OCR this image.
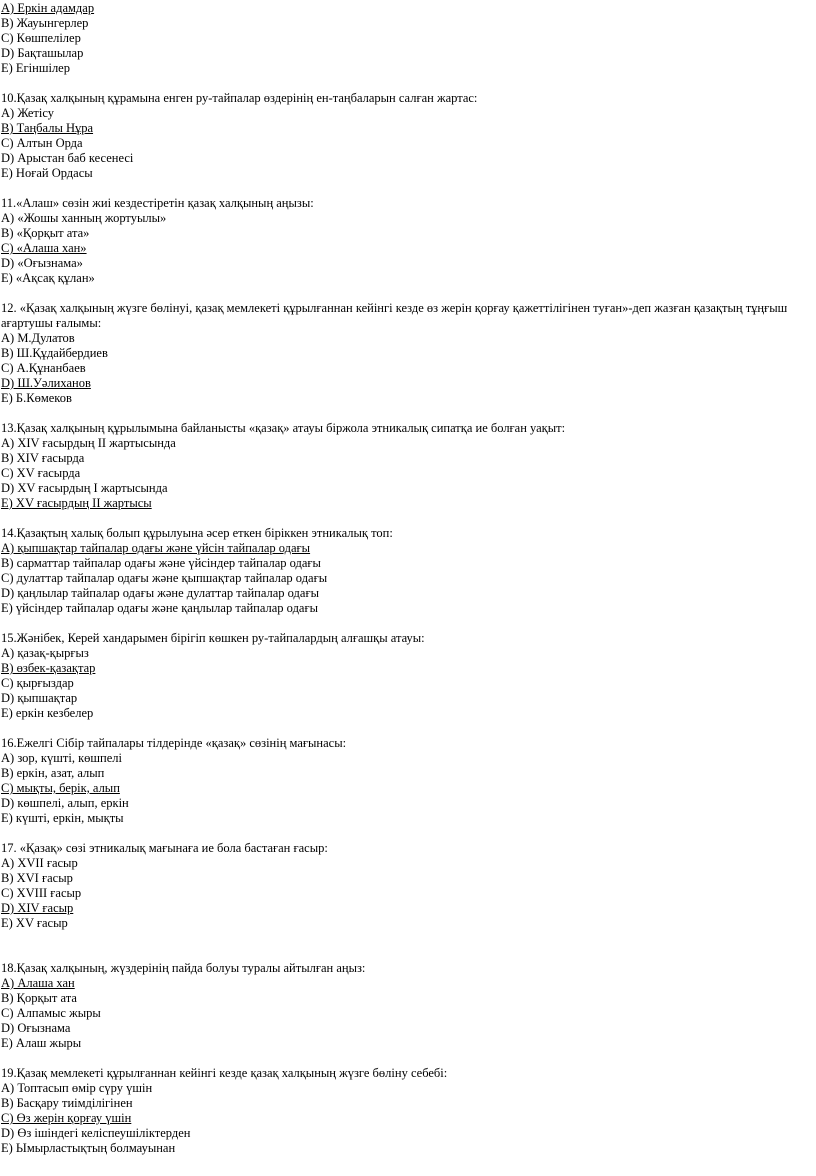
A) Еркін адамдар
B) Жауынгерлер
C) Көшпелілер
D) Бақташылар
E) Егіншілер
10.Қазақ халқының құрамына енген ру-тайпалар өздерінің ен-таңбаларын салған жартас:
A) Жетісу
B) Таңбалы Нұра
C) Алтын Орда
D) Арыстан баб кесенесі
E) Ноғай Ордасы
11.«Алаш» сөзін жиі кездестіретін қазақ халқының аңызы:
A) «Жошы ханның жортуылы»
B) «Қорқыт ата»
C) «Алаша хан»
D) «Оғызнама»
E) «Ақсақ құлан»
12. «Қазақ халқының жүзге бөлінуі, қазақ мемлекеті құрылғаннан кейінгі кезде өз жерін қорғау қажеттілігінен туған»-деп жазған қазақтың тұңғыш ағартушы ғалымы:
A) М.Дулатов
B) Ш.Құдайбердиев
C) А.Құнанбаев
D) Ш.Уәлиханов
E) Б.Көмеков
13.Қазақ халқының құрылымына байланысты «қазақ» атауы біржола этникалық сипатқа ие болған уақыт:
A) XIV ғасырдың II жартысында
B) XIV ғасырда
C) XV ғасырда
D) XV ғасырдың I жартысында
E) XV ғасырдың II жартысы
14.Қазақтың халық болып құрылуына әсер еткен біріккен этникалық топ:
A) қыпшақтар тайпалар одағы және үйсін тайпалар одағы
B) сарматтар тайпалар одағы және үйсіндер тайпалар одағы
C) дулаттар тайпалар одағы және қыпшақтар тайпалар одағы
D) қаңлылар тайпалар одағы және дулаттар тайпалар одағы
E) үйсіндер тайпалар одағы және қаңлылар тайпалар одағы
15.Жәнібек, Керей хандарымен бірігіп көшкен ру-тайпалардың алғашқы атауы:
A) қазақ-қырғыз
B) өзбек-қазақтар
C) қырғыздар
D) қыпшақтар
E) еркін кезбелер
16.Ежелгі Сібір тайпалары тілдерінде «қазақ» сөзінің мағынасы:
A) зор, күшті, көшпелі
B) еркін, азат, алып
C) мықты, берік, алып
D) көшпелі, алып, еркін
E) күшті, еркін, мықты
17. «Қазақ» сөзі этникалық мағынаға ие бола бастаған ғасыр:
A) XVII ғасыр
B) XVI ғасыр
C) XVIII ғасыр
D) XIV ғасыр
E) XV ғасыр
18.Қазақ халқының, жүздерінің пайда болуы туралы айтылған аңыз:
A) Алаша хан
B) Қорқыт ата
C) Алпамыс жыры
D) Оғызнама
E) Алаш жыры
19.Қазақ мемлекеті құрылғаннан кейінгі кезде қазақ халқының жүзге бөліну себебі:
A) Топтасып өмір сүру үшін
B) Басқару тиімділігінен
C) Өз жерін қорғау үшін
D) Өз ішіндегі келіспеушіліктерден
E) Ымырластықтың болмауынан
